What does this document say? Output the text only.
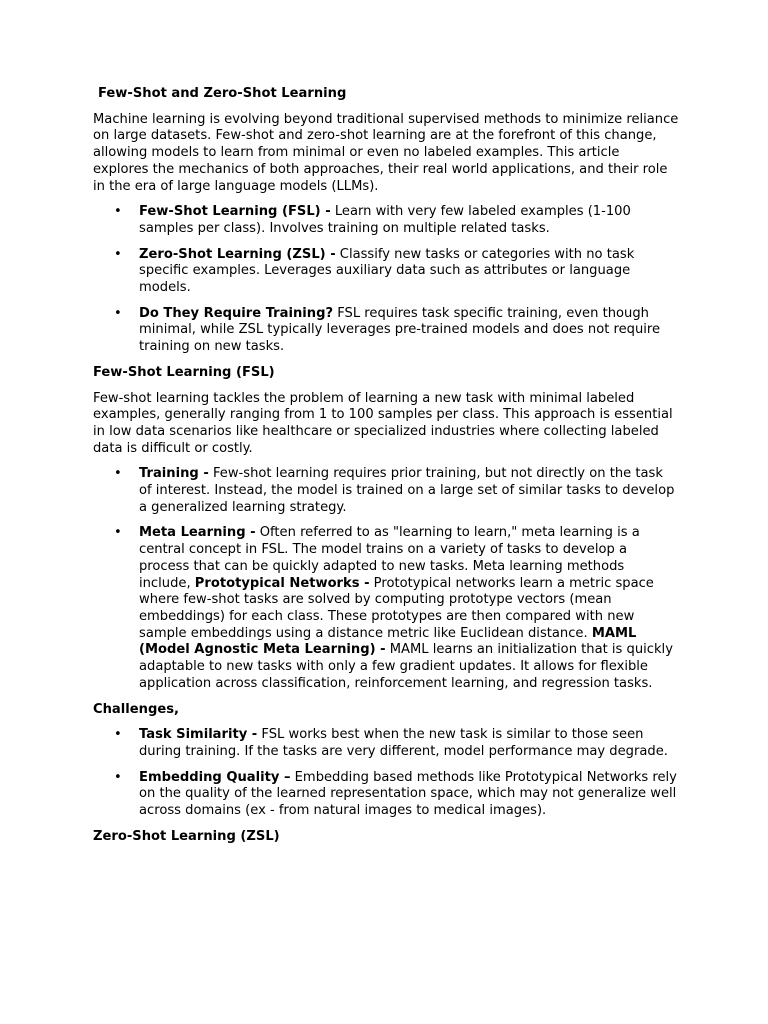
Few-Shot and Zero-Shot Learning
Machine learning is evolving beyond traditional supervised methods to minimize reliance on large datasets. Few-shot and zero-shot learning are at the forefront of this change, allowing models to learn from minimal or even no labeled examples. This article explores the mechanics of both approaches, their real world applications, and their role in the era of large language models (LLMs).
• Few-Shot Learning (FSL) - Learn with very few labeled examples (1-100 samples per class). Involves training on multiple related tasks.
• Zero-Shot Learning (ZSL) - Classify new tasks or categories with no task specific examples. Leverages auxiliary data such as attributes or language models.
• Do They Require Training? FSL requires task specific training, even though minimal, while ZSL typically leverages pre-trained models and does not require training on new tasks.
Few-Shot Learning (FSL)
Few-shot learning tackles the problem of learning a new task with minimal labeled examples, generally ranging from 1 to 100 samples per class. This approach is essential in low data scenarios like healthcare or specialized industries where collecting labeled data is difficult or costly.
• Training - Few-shot learning requires prior training, but not directly on the task of interest. Instead, the model is trained on a large set of similar tasks to develop a generalized learning strategy.
• Meta Learning - Often referred to as "learning to learn," meta learning is a central concept in FSL. The model trains on a variety of tasks to develop a process that can be quickly adapted to new tasks. Meta learning methods include, Prototypical Networks - Prototypical networks learn a metric space where few-shot tasks are solved by computing prototype vectors (mean embeddings) for each class. These prototypes are then compared with new sample embeddings using a distance metric like Euclidean distance. MAML (Model Agnostic Meta Learning) - MAML learns an initialization that is quickly adaptable to new tasks with only a few gradient updates. It allows for flexible application across classification, reinforcement learning, and regression tasks.
Challenges,
• Task Similarity - FSL works best when the new task is similar to those seen during training. If the tasks are very different, model performance may degrade.
• Embedding Quality – Embedding based methods like Prototypical Networks rely on the quality of the learned representation space, which may not generalize well across domains (ex - from natural images to medical images).
Zero-Shot Learning (ZSL)
